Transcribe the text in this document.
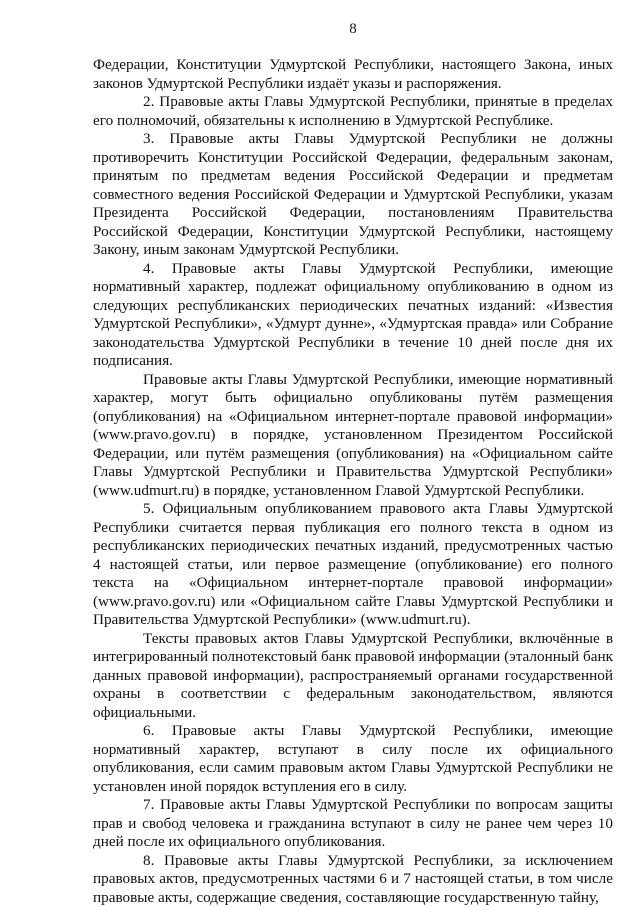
8

Федерации, Конституции Удмуртской Республики, настоящего Закона, иных законов Удмуртской Республики издаёт указы и распоряжения.

2. Правовые акты Главы Удмуртской Республики, принятые в пределах его полномочий, обязательны к исполнению в Удмуртской Республике.

3. Правовые акты Главы Удмуртской Республики не должны противоречить Конституции Российской Федерации, федеральным законам, принятым по предметам ведения Российской Федерации и предметам совместного ведения Российской Федерации и Удмуртской Республики, указам Президента Российской Федерации, постановлениям Правительства Российской Федерации, Конституции Удмуртской Республики, настоящему Закону, иным законам Удмуртской Республики.

4. Правовые акты Главы Удмуртской Республики, имеющие нормативный характер, подлежат официальному опубликованию в одном из следующих республиканских периодических печатных изданий: «Известия Удмуртской Республики», «Удмурт дунне», «Удмуртская правда» или Собрание законодательства Удмуртской Республики в течение 10 дней после дня их подписания.

Правовые акты Главы Удмуртской Республики, имеющие нормативный характер, могут быть официально опубликованы путём размещения (опубликования) на «Официальном интернет-портале правовой информации» (www.pravo.gov.ru) в порядке, установленном Президентом Российской Федерации, или путём размещения (опубликования) на «Официальном сайте Главы Удмуртской Республики и Правительства Удмуртской Республики» (www.udmurt.ru) в порядке, установленном Главой Удмуртской Республики.

5. Официальным опубликованием правового акта Главы Удмуртской Республики считается первая публикация его полного текста в одном из республиканских периодических печатных изданий, предусмотренных частью 4 настоящей статьи, или первое размещение (опубликование) его полного текста на «Официальном интернет-портале правовой информации» (www.pravo.gov.ru) или «Официальном сайте Главы Удмуртской Республики и Правительства Удмуртской Республики» (www.udmurt.ru).

Тексты правовых актов Главы Удмуртской Республики, включённые в интегрированный полнотекстовый банк правовой информации (эталонный банк данных правовой информации), распространяемый органами государственной охраны в соответствии с федеральным законодательством, являются официальными.

6. Правовые акты Главы Удмуртской Республики, имеющие нормативный характер, вступают в силу после их официального опубликования, если самим правовым актом Главы Удмуртской Республики не установлен иной порядок вступления его в силу.

7. Правовые акты Главы Удмуртской Республики по вопросам защиты прав и свобод человека и гражданина вступают в силу не ранее чем через 10 дней после их официального опубликования.

8. Правовые акты Главы Удмуртской Республики, за исключением правовых актов, предусмотренных частями 6 и 7 настоящей статьи, в том числе правовые акты, содержащие сведения, составляющие государственную тайну,
